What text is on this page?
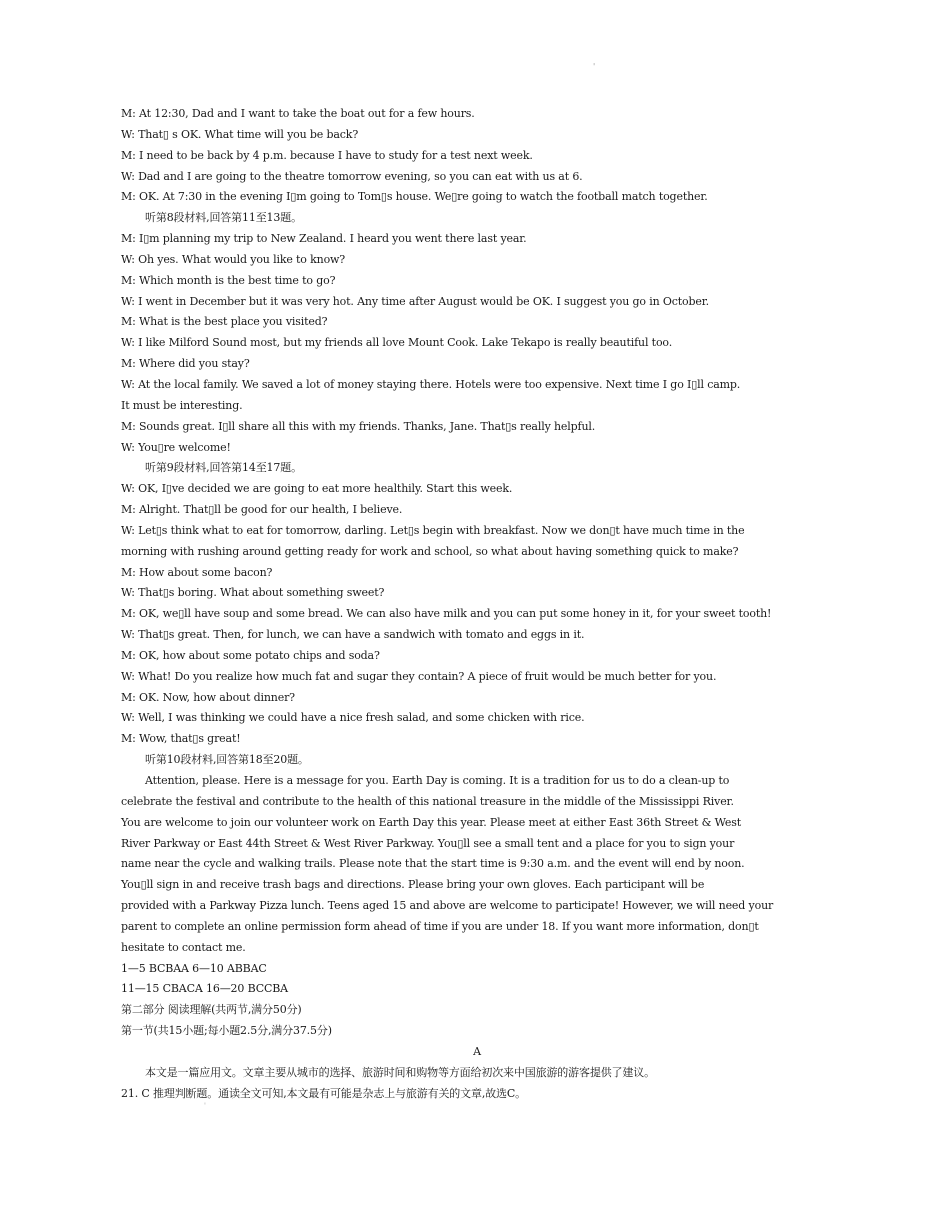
'
'
M: At 12:30, Dad and I want to take the boat out for a few hours.
W: That▯ s OK. What time will you be back?
M: I need to be back by 4 p.m. because I have to study for a test next week.
W: Dad and I are going to the theatre tomorrow evening, so you can eat with us at 6.
M: OK. At 7:30 in the evening I▯m going to Tom▯s house. We▯re going to watch the football match together.
听第8段材料,回答第11至13题。
M: I▯m planning my trip to New Zealand. I heard you went there last year.
W: Oh yes. What would you like to know?
M: Which month is the best time to go?
W: I went in December but it was very hot. Any time after August would be OK. I suggest you go in October.
M: What is the best place you visited?
W: I like Milford Sound most, but my friends all love Mount Cook. Lake Tekapo is really beautiful too.
M: Where did you stay?
W: At the local family. We saved a lot of money staying there. Hotels were too expensive. Next time I go I▯ll camp.
It must be interesting.
M: Sounds great. I▯ll share all this with my friends. Thanks, Jane. That▯s really helpful.
W: You▯re welcome!
听第9段材料,回答第14至17题。
W: OK, I▯ve decided we are going to eat more healthily. Start this week.
M: Alright. That▯ll be good for our health, I believe.
W: Let▯s think what to eat for tomorrow, darling. Let▯s begin with breakfast. Now we don▯t have much time in the
morning with rushing around getting ready for work and school, so what about having something quick to make?
M: How about some bacon?
W: That▯s boring. What about something sweet?
M: OK, we▯ll have soup and some bread. We can also have milk and you can put some honey in it, for your sweet tooth!
W: That▯s great. Then, for lunch, we can have a sandwich with tomato and eggs in it.
M: OK, how about some potato chips and soda?
W: What! Do you realize how much fat and sugar they contain? A piece of fruit would be much better for you.
M: OK. Now, how about dinner?
W: Well, I was thinking we could have a nice fresh salad, and some chicken with rice.
M: Wow, that▯s great!
听第10段材料,回答第18至20题。
Attention, please. Here is a message for you. Earth Day is coming. It is a tradition for us to do a clean-up to
celebrate the festival and contribute to the health of this national treasure in the middle of the Mississippi River.
You are welcome to join our volunteer work on Earth Day this year. Please meet at either East 36th Street & West
River Parkway or East 44th Street & West River Parkway. You▯ll see a small tent and a place for you to sign your
name near the cycle and walking trails. Please note that the start time is 9:30 a.m. and the event will end by noon.
You▯ll sign in and receive trash bags and directions. Please bring your own gloves. Each participant will be
provided with a Parkway Pizza lunch. Teens aged 15 and above are welcome to participate! However, we will need your
parent to complete an online permission form ahead of time if you are under 18. If you want more information, don▯t
hesitate to contact me.
1—5 BCBAA 6—10 ABBAC
11—15 CBACA 16—20 BCCBA
第二部分 阅读理解(共两节,满分50分)
第一节(共15小题;每小题2.5分,满分37.5分)
A
本文是一篇应用文。文章主要从城市的选择、旅游时间和购物等方面给初次来中国旅游的游客提供了建议。
21. C 推理判断题。通读全文可知,本文最有可能是杂志上与旅游有关的文章,故选C。
